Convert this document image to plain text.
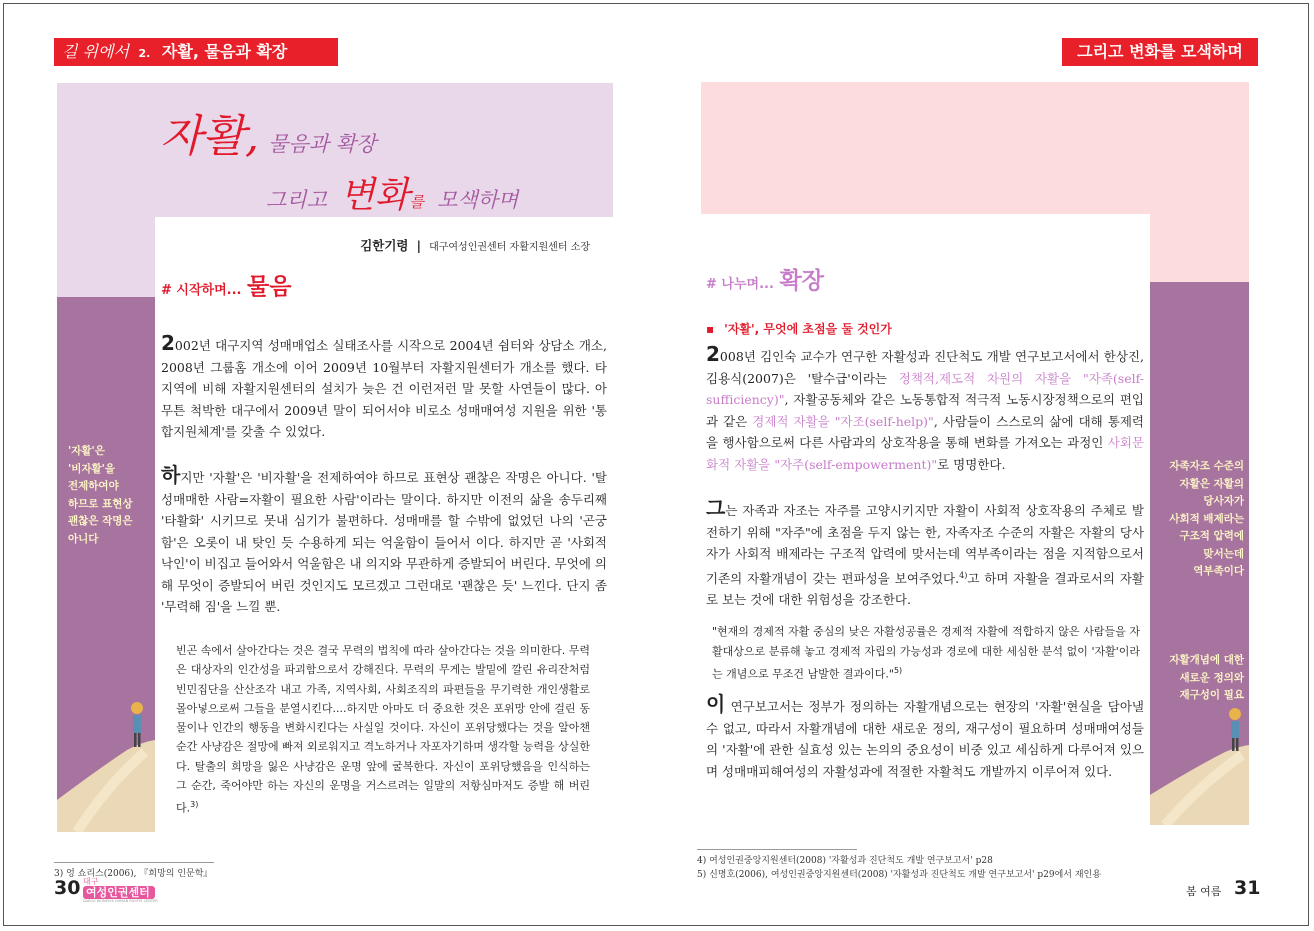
길 위에서 2. 자활, 물음과 확장
자활, 물음과 확장
그리고 변화를 모색하며
김한기령 | 대구여성인권센터 자활지원센터 소장
# 시작하며... 물음
'자활'은
'비자활'을
전제하여야
하므로 표현상
괜찮은 작명은
아니다
2002년 대구지역 성매매업소 실태조사를 시작으로 2004년 쉼터와 상담소 개소, 2008년 그룹홈 개소에 이어 2009년 10월부터 자활지원센터가 개소를 했다. 타 지역에 비해 자활지원센터의 설치가 늦은 건 이런저런 말 못할 사연들이 많다. 아무튼 척박한 대구에서 2009년 말이 되어서야 비로소 성매매여성 지원을 위한 '통합지원체계'를 갖출 수 있었다.
하지만 '자활'은 '비자활'을 전제하여야 하므로 표현상 괜찮은 작명은 아니다. '탈성매매한 사람=자활이 필요한 사람'이라는 말이다. 하지만 이전의 삶을 송두리째 '타활화' 시키므로 못내 심기가 불편하다. 성매매를 할 수밖에 없었던 나의 '곤궁함'은 오롯이 내 탓인 듯 수용하게 되는 억울함이 들어서 이다. 하지만 곧 '사회적 낙인'이 비집고 들어와서 억울함은 내 의지와 무관하게 증발되어 버린다. 무엇에 의해 무엇이 증발되어 버린 것인지도 모르겠고 그런대로 '괜찮은 듯' 느낀다. 단지 좀 '무력해 짐'을 느낄 뿐.
빈곤 속에서 살아간다는 것은 결국 무력의 법칙에 따라 살아간다는 것을 의미한다. 무력은 대상자의 인간성을 파괴함으로서 강해진다. 무력의 무게는 발밑에 깔린 유리잔처럼 빈민집단을 산산조각 내고 가족, 지역사회, 사회조직의 파편들을 무기력한 개인생활로 몰아넣으로써 그들을 분열시킨다....하지만 아마도 더 중요한 것은 포위망 안에 걸린 동물이나 인간의 행동을 변화시킨다는 사실일 것이다. 자신이 포위당했다는 것을 알아챈 순간 사냥감은 절망에 빠져 외로워지고 격노하거나 자포자기하며 생각할 능력을 상실한다. 탈출의 희망을 잃은 사냥감은 운명 앞에 굴복한다. 자신이 포위당했음을 인식하는 그 순간, 죽어야만 하는 자신의 운명을 거스르려는 일말의 저항심마저도 증발 해 버린다.$^{3)}$
3) 엉 쇼리스(2006), 『희망의 인문학』
30 대구
여성인권센터
DAEGU WOMEN'S HUMAN RIGHTS CENTER
그리고 변화를 모색하며
# 나누며... 확장
자족자조 수준의
자활은 자활의
당사자가
사회적 배제라는
구조적 압력에
맞서는데
역부족이다
자활개념에 대한
새로운 정의와
재구성이 필요
▪ '자활', 무엇에 초점을 둘 것인가
2008년 김인숙 교수가 연구한 자활성과 진단척도 개발 연구보고서에서 한상진, 김용식(2007)은 '탈수급'이라는 정책적,제도적 차원의 자활을 "자족(self-sufficiency)", 자활공동체와 같은 노동통합적 적극적 노동시장정책으로의 편입과 같은 경제적 자활을 "자조(self-help)", 사람들이 스스로의 삶에 대해 통제력을 행사함으로써 다른 사람과의 상호작용을 통해 변화를 가져오는 과정인 사회문화적 자활을 "자주(self-empowerment)"로 명명한다.
그는 자족과 자조는 자주를 고양시키지만 자활이 사회적 상호작용의 주체로 발전하기 위해 "자주"에 초점을 두지 않는 한, 자족자조 수준의 자활은 자활의 당사자가 사회적 배제라는 구조적 압력에 맞서는데 역부족이라는 점을 지적함으로서 기존의 자활개념이 갖는 편파성을 보여주었다.$^{4)}$고 하며 자활을 결과로서의 자활로 보는 것에 대한 위험성을 강조한다.
"현재의 경제적 자활 중심의 낮은 자활성공률은 경제적 자활에 적합하지 않은 사람들을 자활대상으로 분류해 놓고 경제적 자립의 가능성과 경로에 대한 세심한 분석 없이 '자활'이라는 개념으로 무조건 남발한 결과이다."$^{5)}$
이 연구보고서는 정부가 정의하는 자활개념으로는 현장의 '자활'현실을 담아낼 수 없고, 따라서 자활개념에 대한 새로운 정의, 재구성이 필요하며 성매매여성들의 '자활'에 관한 실효성 있는 논의의 중요성이 비중 있고 세심하게 다루어져 있으며 성매매피해여성의 자활성과에 적절한 자활척도 개발까지 이루어져 있다.
4) 여성인권중앙지원센터(2008) '자활성과 진단척도 개발 연구보고서' p28
5) 신명호(2006), 여성인권중앙지원센터(2008) '자활성과 진단척도 개발 연구보고서' p29에서 재인용
봄 여름 31
